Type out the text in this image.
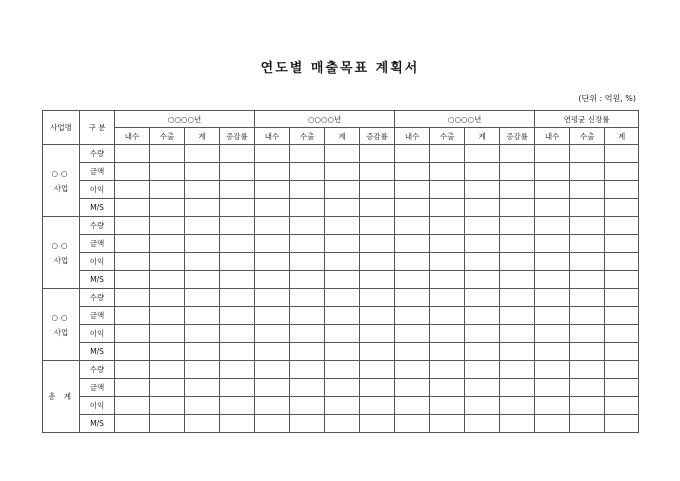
연도별 매출목표 계획서
(단위 : 억원, %)
사업명	구 분	○○○○년				○○○○년				○○○○년				연평균 신장률		
		내수	수출	계	증감률	내수	수출	계	증감률	내수	수출	계	증감률	내수	수출	계

○○
사업	수량															
	금액															
	이익															
	M/S															

○○
사업	수량															
	금액															
	이익															
	M/S															

○○
사업	수량															
	금액															
	이익															
	M/S															

총 계	수량															
	금액															
	이익															
	M/S															
